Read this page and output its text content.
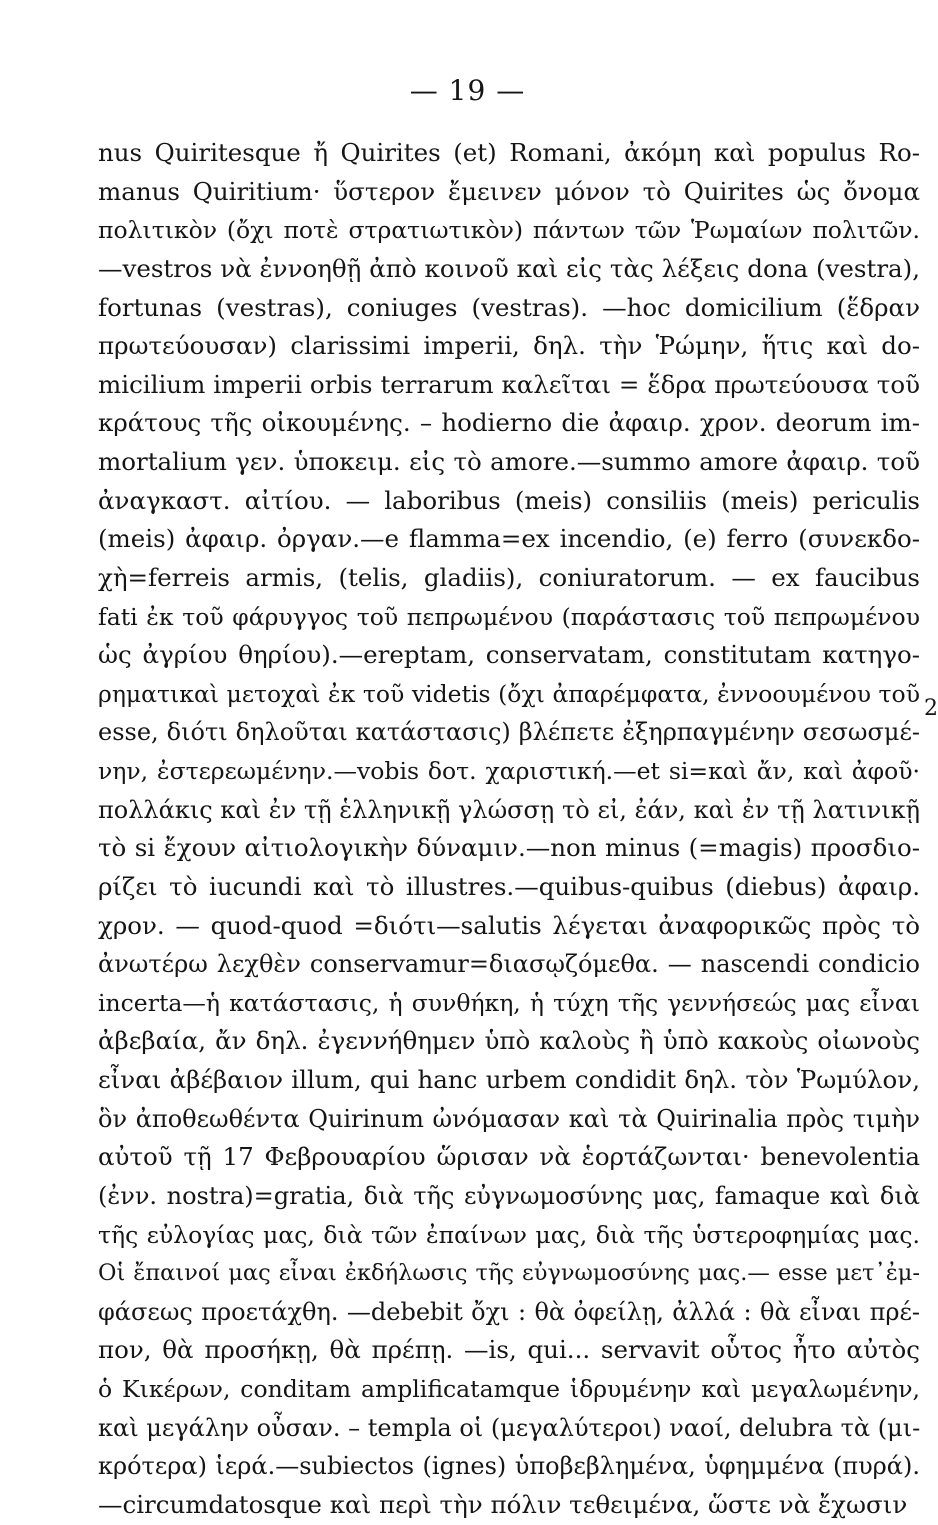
— 19 —
nus Quiritesque ἤ Quirites (et) Romani, ἀκόμη καὶ populus Ro-
manus Quiritium· ὕστερον ἔμεινεν μόνον τὸ Quirites ὡς ὄνομα
πολιτικὸν (ὄχι ποτὲ στρατιωτικὸν) πάντων τῶν Ῥωμαίων πολιτῶν.
—vestros νὰ ἐννοηθῇ ἀπὸ κοινοῦ καὶ εἰς τὰς λέξεις dona (vestra),
fortunas (vestras), coniuges (vestras). —hoc domicilium (ἕδραν
πρωτεύουσαν) clarissimi imperii, δηλ. τὴν Ῥώμην, ἥτις καὶ do-
micilium imperii orbis terrarum καλεῖται = ἕδρα πρωτεύουσα τοῦ
κράτους τῆς οἰκουμένης. – hodierno die ἀφαιρ. χρον. deorum im-
mortalium γεν. ὑποκειμ. εἰς τὸ amore.—summo amore ἀφαιρ. τοῦ
ἀναγκαστ. αἰτίου. — laboribus (meis) consiliis (meis) periculis
(meis) ἀφαιρ. ὀργαν.—e flamma=ex incendio, (e) ferro (συνεκδο-
χὴ=ferreis armis, (telis, gladiis), coniuratorum. — ex faucibus
fati ἐκ τοῦ φάρυγγος τοῦ πεπρωμένου (παράστασις τοῦ πεπρωμένου
ὡς ἀγρίου θηρίου).—ereptam, conservatam, constitutam κατηγο-
ρηματικαὶ μετοχαὶ ἐκ τοῦ videtis (ὄχι ἀπαρέμφατα, ἐννοουμένου τοῦ
esse, διότι δηλοῦται κατάστασις) βλέπετε ἐξηρπαγμένην σεσωσμέ-
νην, ἐστερεωμένην.—vobis δοτ. χαριστική.—et si=καὶ ἄν, καὶ ἀφοῦ·
πολλάκις καὶ ἐν τῇ ἑλληνικῇ γλώσσῃ τὸ εἰ, ἐάν, καὶ ἐν τῇ λατινικῇ
τὸ si ἔχουν αἰτιολογικὴν δύναμιν.—non minus (=magis) προσδιο-
ρίζει τὸ iucundi καὶ τὸ illustres.—quibus-quibus (diebus) ἀφαιρ.
χρον. — quod-quod =διότι—salutis λέγεται ἀναφορικῶς πρὸς τὸ
ἀνωτέρω λεχθὲν conservamur=διασῳζόμεθα. — nascendi condicio
incerta—ἡ κατάστασις, ἡ συνθήκη, ἡ τύχη τῆς γεννήσεώς μας εἶναι
ἀβεβαία, ἄν δηλ. ἐγεννήθημεν ὑπὸ καλοὺς ἢ ὑπὸ κακοὺς οἰωνοὺς
εἶναι ἀβέβαιον illum, qui hanc urbem condidit δηλ. τὸν Ῥωμύλον,
ὃν ἀποθεωθέντα Quirinum ὠνόμασαν καὶ τὰ Quirinalia πρὸς τιμὴν
αὐτοῦ τῇ 17 Φεβρουαρίου ὥρισαν νὰ ἑορτάζωνται· benevolentia
(ἐνν. nostra)=gratia, διὰ τῆς εὐγνωμοσύνης μας, famaque καὶ διὰ
τῆς εὐλογίας μας, διὰ τῶν ἐπαίνων μας, διὰ τῆς ὑστεροφημίας μας.
Οἱ ἔπαινοί μας εἶναι ἐκδήλωσις τῆς εὐγνωμοσύνης μας.— esse μετ᾽ἐμ-
φάσεως προετάχθη. —debebit ὄχι : θὰ ὀφείλῃ, ἀλλά : θὰ εἶναι πρέ-
πον, θὰ προσήκῃ, θὰ πρέπῃ. —is, qui... servavit οὗτος ἦτο αὐτὸς
ὁ Κικέρων, conditam amplificatamque ἱδρυμένην καὶ μεγαλωμένην,
καὶ μεγάλην οὖσαν. – templa οἱ (μεγαλύτεροι) ναοί, delubra τὰ (μι-
κρότερα) ἱερά.—subiectos (ignes) ὑποβεβλημένα, ὑφημμένα (πυρά).
—circumdatosque καὶ περὶ τὴν πόλιν τεθειμένα, ὥστε νὰ ἔχωσιν
2
